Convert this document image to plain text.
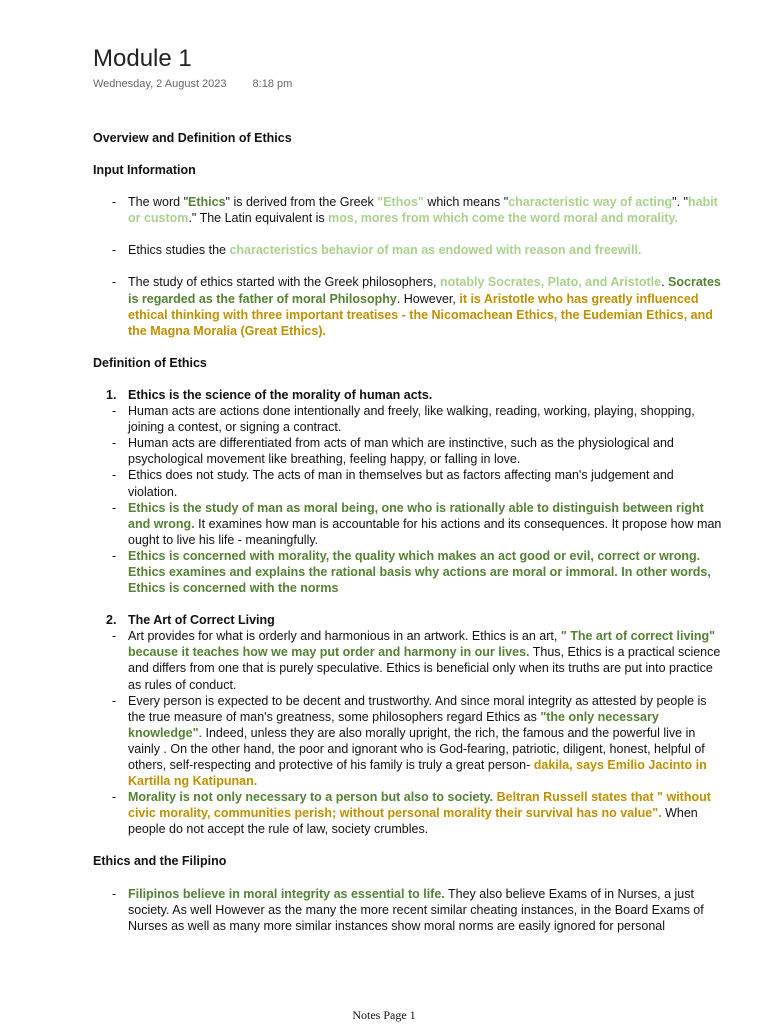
Module 1
Wednesday, 2 August 2023 8:18 pm

Overview and Definition of Ethics

Input Information

- The word "Ethics" is derived from the Greek "Ethos" which means "characteristic way of acting". "habit or custom." The Latin equivalent is mos, mores from which come the word moral and morality.
- Ethics studies the characteristics behavior of man as endowed with reason and freewill.
- The study of ethics started with the Greek philosophers, notably Socrates, Plato, and Aristotle. Socrates is regarded as the father of moral Philosophy. However, it is Aristotle who has greatly influenced ethical thinking with three important treatises - the Nicomachean Ethics, the Eudemian Ethics, and the Magna Moralia (Great Ethics).

Definition of Ethics

1. Ethics is the science of the morality of human acts.

- Human acts are actions done intentionally and freely, like walking, reading, working, playing, shopping, joining a contest, or signing a contract.
- Human acts are differentiated from acts of man which are instinctive, such as the physiological and psychological movement like breathing, feeling happy, or falling in love.
- Ethics does not study. The acts of man in themselves but as factors affecting man's judgement and violation.
- Ethics is the study of man as moral being, one who is rationally able to distinguish between right and wrong. It examines how man is accountable for his actions and its consequences. It propose how man ought to live his life - meaningfully.
- Ethics is concerned with morality, the quality which makes an act good or evil, correct or wrong. Ethics examines and explains the rational basis why actions are moral or immoral. In other words, Ethics is concerned with the norms

2. The Art of Correct Living

- Art provides for what is orderly and harmonious in an artwork. Ethics is an art, " The art of correct living" because it teaches how we may put order and harmony in our lives. Thus, Ethics is a practical science and differs from one that is purely speculative. Ethics is beneficial only when its truths are put into practice as rules of conduct.
- Every person is expected to be decent and trustworthy. And since moral integrity as attested by people is the true measure of man's greatness, some philosophers regard Ethics as "the only necessary knowledge". Indeed, unless they are also morally upright, the rich, the famous and the powerful live in vainly . On the other hand, the poor and ignorant who is God-fearing, patriotic, diligent, honest, helpful of others, self-respecting and protective of his family is truly a great person- dakila, says Emilio Jacinto in Kartilla ng Katipunan.
- Morality is not only necessary to a person but also to society. Beltran Russell states that " without civic morality, communities perish; without personal morality their survival has no value". When people do not accept the rule of law, society crumbles.

Ethics and the Filipino

- Filipinos believe in moral integrity as essential to life. They also believe Exams of in Nurses, a just society. As well However as the many the more recent similar cheating instances, in the Board Exams of Nurses as well as many more similar instances show moral norms are easily ignored for personal
Notes Page 1
